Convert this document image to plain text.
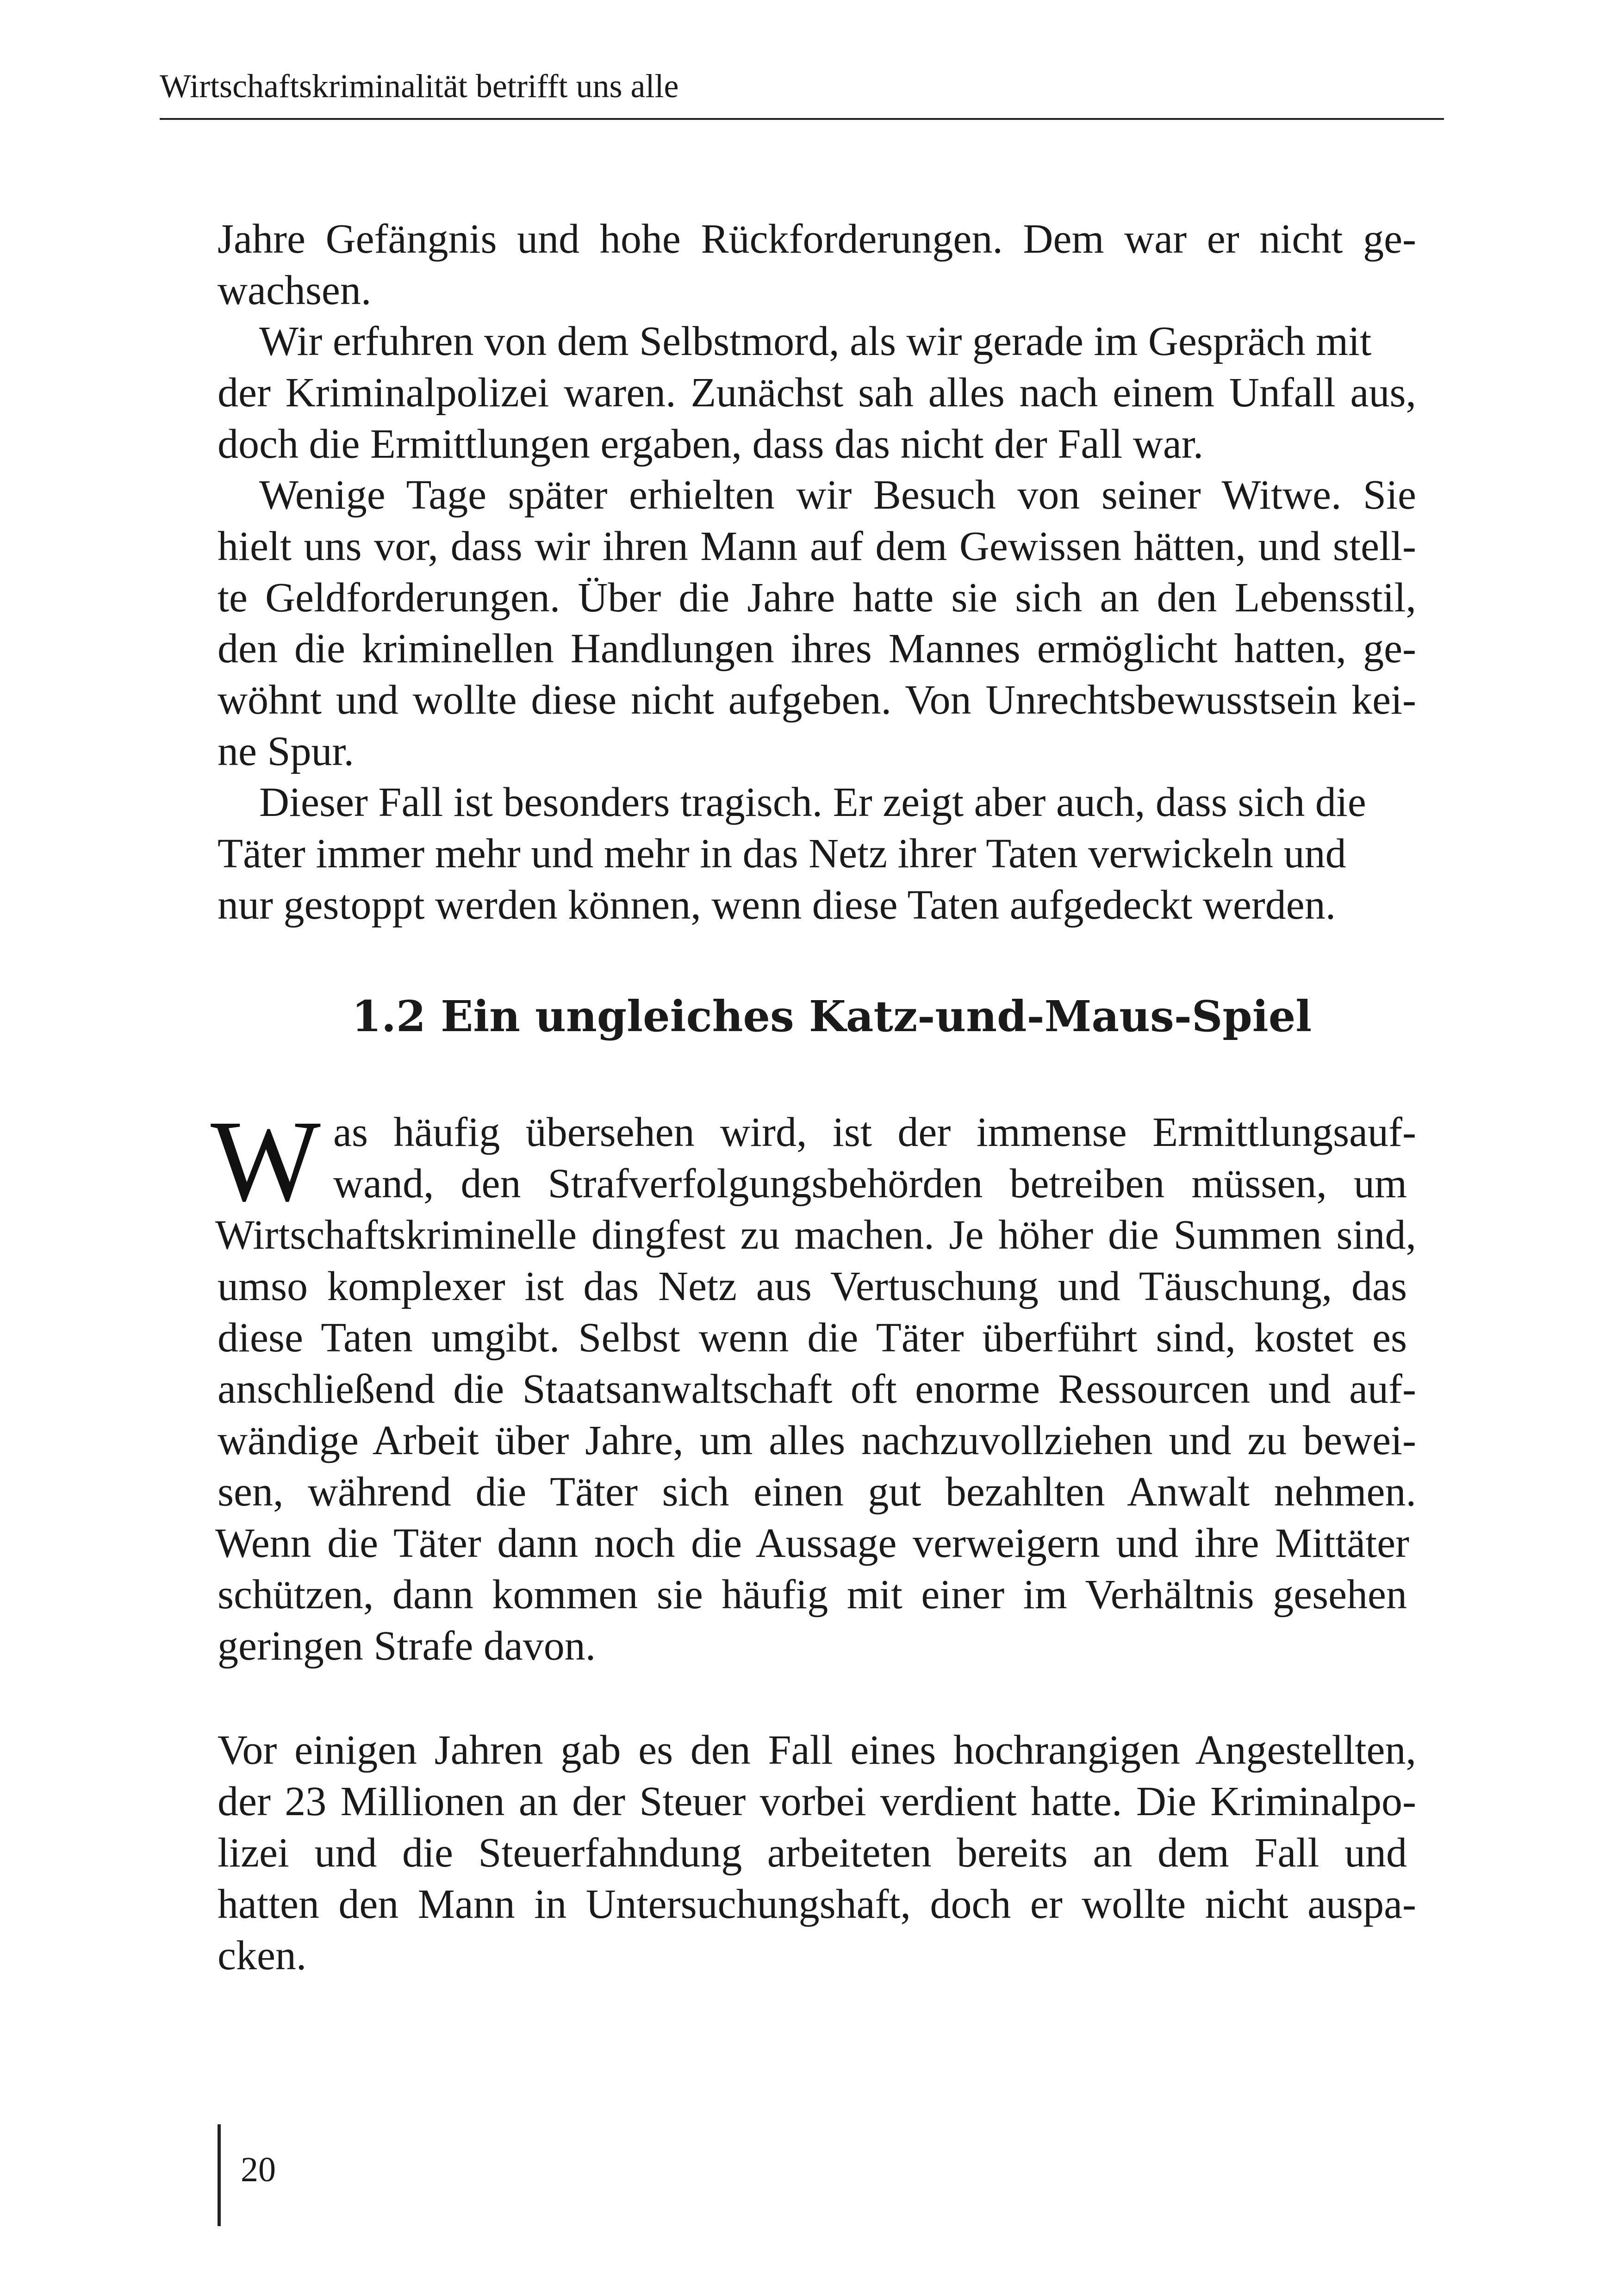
Wirtschaftskriminalität betrifft uns alle
Jahre Gefängnis und hohe Rückforderungen. Dem war er nicht ge-
wachsen.
Wir erfuhren von dem Selbstmord, als wir gerade im Gespräch mit
der Kriminalpolizei waren. Zunächst sah alles nach einem Unfall aus,
doch die Ermittlungen ergaben, dass das nicht der Fall war.
Wenige Tage später erhielten wir Besuch von seiner Witwe. Sie
hielt uns vor, dass wir ihren Mann auf dem Gewissen hätten, und stell-
te Geldforderungen. Über die Jahre hatte sie sich an den Lebensstil,
den die kriminellen Handlungen ihres Mannes ermöglicht hatten, ge-
wöhnt und wollte diese nicht aufgeben. Von Unrechtsbewusstsein kei-
ne Spur.
Dieser Fall ist besonders tragisch. Er zeigt aber auch, dass sich die
Täter immer mehr und mehr in das Netz ihrer Taten verwickeln und
nur gestoppt werden können, wenn diese Taten aufgedeckt werden.
1.2 Ein ungleiches Katz-und-Maus-Spiel
W as häufig übersehen wird, ist der immense Ermittlungsauf-
wand, den Strafverfolgungsbehörden betreiben müssen, um
Wirtschaftskriminelle dingfest zu machen. Je höher die Summen sind,
umso komplexer ist das Netz aus Vertuschung und Täuschung, das
diese Taten umgibt. Selbst wenn die Täter überführt sind, kostet es
anschließend die Staatsanwaltschaft oft enorme Ressourcen und auf-
wändige Arbeit über Jahre, um alles nachzuvollziehen und zu bewei-
sen, während die Täter sich einen gut bezahlten Anwalt nehmen.
Wenn die Täter dann noch die Aussage verweigern und ihre Mittäter
schützen, dann kommen sie häufig mit einer im Verhältnis gesehen
geringen Strafe davon.
Vor einigen Jahren gab es den Fall eines hochrangigen Angestellten,
der 23 Millionen an der Steuer vorbei verdient hatte. Die Kriminalpo-
lizei und die Steuerfahndung arbeiteten bereits an dem Fall und
hatten den Mann in Untersuchungshaft, doch er wollte nicht auspa-
cken.
20
